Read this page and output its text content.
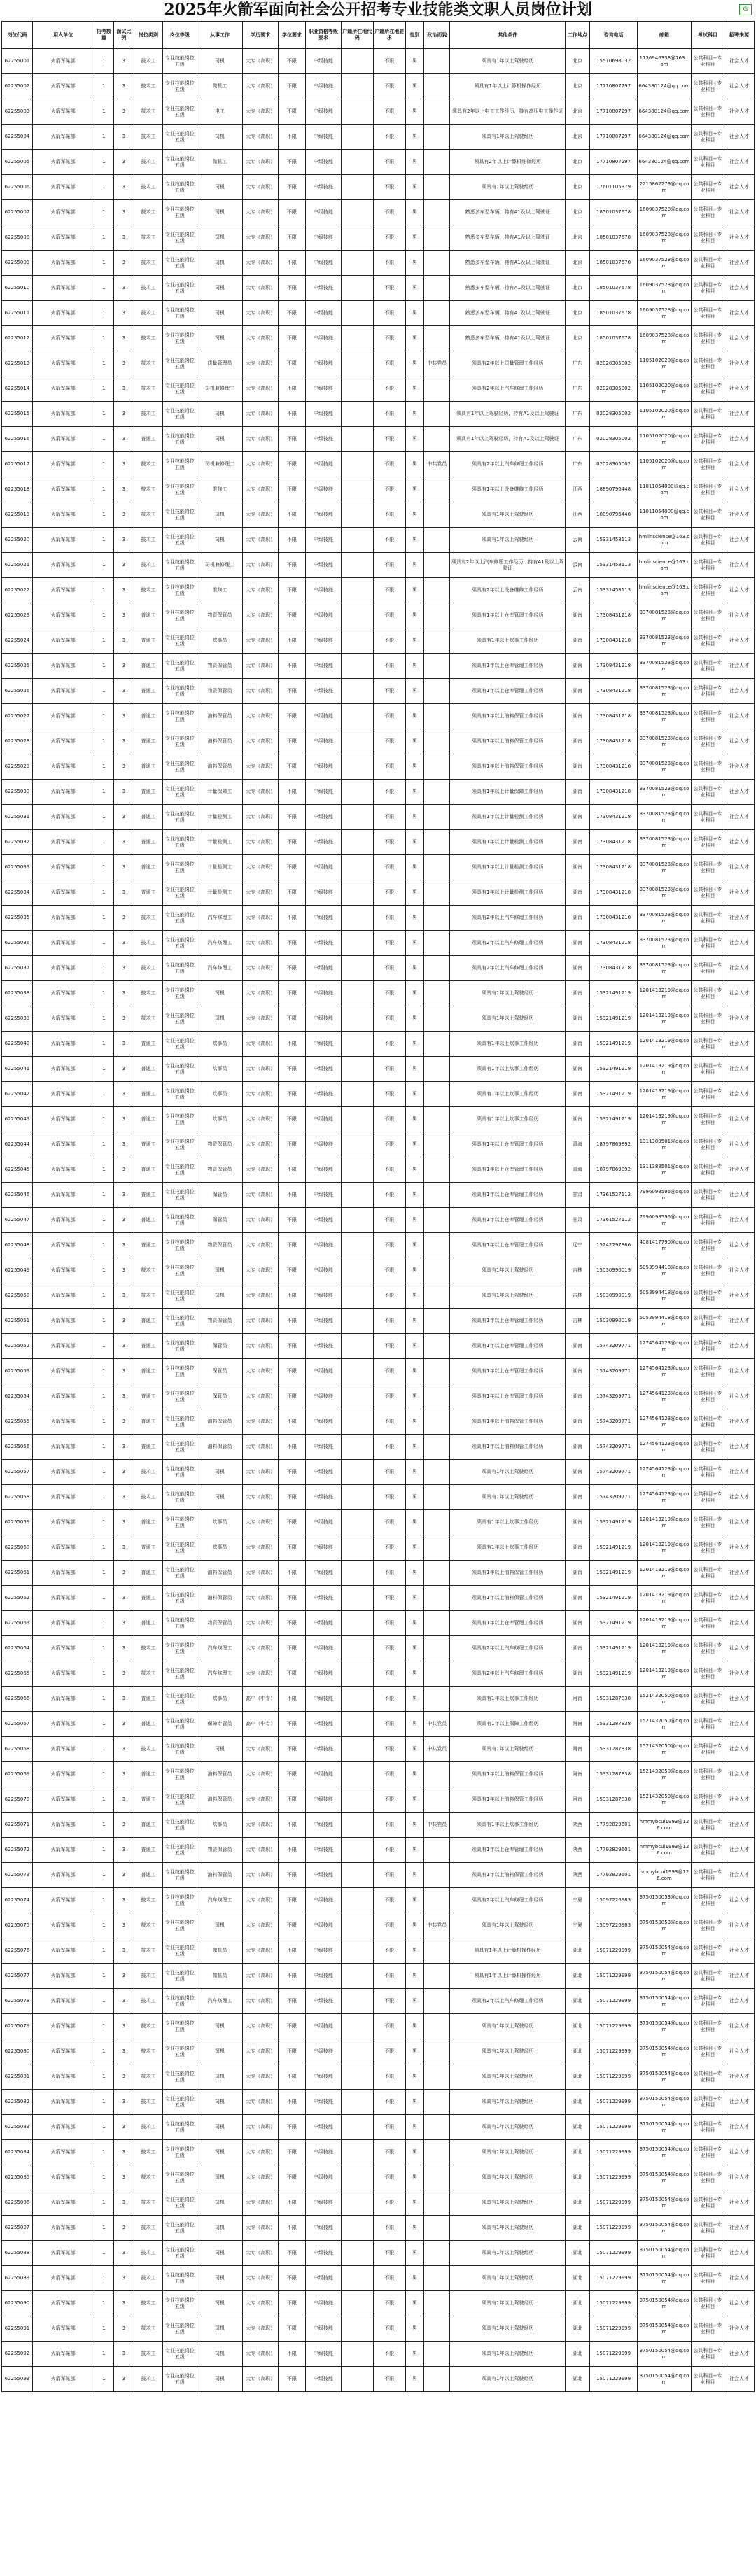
2025年火箭军面向社会公开招考专业技能类文职人员岗位计划	G
岗位代码	用人单位	招考数量	面试比例	岗位类别	岗位等级	从事工作	学历要求	学位要求	职业资格等级要求	户籍所在地代码	户籍所在地要求	性别	政治面貌	其他条件	工作地点	咨询电话	邮箱	考试科目	招聘来源
62255001	火箭军某部	1	3	技术工	专业技能岗位五级	司机	大专（高职）	不限	中级技能		不限	男		须具有1年以上驾驶经历	北京	15510698032	1136946333@163.com	公共科目+专业科目	社会人才
62255002	火箭军某部	1	3	技术工	专业技能岗位五级	微机工	大专（高职）	不限	中级技能		不限	男		须具有1年以上计算机操作经历	北京	17710807297	664380124@qq.com	公共科目+专业科目	社会人才
62255003	火箭军某部	1	3	技术工	专业技能岗位五级	电工	大专（高职）	不限	中级技能		不限	男		须具有2年以上电工工作经历，持有高压电工操作证	北京	17710807297	664380124@qq.com	公共科目+专业科目	社会人才
62255004	火箭军某部	1	3	技术工	专业技能岗位五级	司机	大专（高职）	不限	中级技能		不限	男		须具有1年以上驾驶经历	北京	17710807297	664380124@qq.com	公共科目+专业科目	社会人才
62255005	火箭军某部	1	3	技术工	专业技能岗位五级	微机工	大专（高职）	不限	中级技能		不限	男		须具有2年以上计算机维修经历	北京	17710807297	664380124@qq.com	公共科目+专业科目	社会人才
62255006	火箭军某部	1	3	技术工	专业技能岗位五级	司机	大专（高职）	不限	中级技能		不限	男		须具有1年以上驾驶经历	北京	17601105379	2215862279@qq.com	公共科目+专业科目	社会人才
62255007	火箭军某部	1	3	技术工	专业技能岗位五级	司机	大专（高职）	不限	中级技能		不限	男		熟悉多车型车辆，持有A1及以上驾驶证	北京	18501037678	1609037528@qq.com	公共科目+专业科目	社会人才
62255008	火箭军某部	1	3	技术工	专业技能岗位五级	司机	大专（高职）	不限	中级技能		不限	男		熟悉多车型车辆，持有A1及以上驾驶证	北京	18501037678	1609037528@qq.com	公共科目+专业科目	社会人才
62255009	火箭军某部	1	3	技术工	专业技能岗位五级	司机	大专（高职）	不限	中级技能		不限	男		熟悉多车型车辆，持有A1及以上驾驶证	北京	18501037678	1609037528@qq.com	公共科目+专业科目	社会人才
62255010	火箭军某部	1	3	技术工	专业技能岗位五级	司机	大专（高职）	不限	中级技能		不限	男		熟悉多车型车辆，持有A1及以上驾驶证	北京	18501037678	1609037528@qq.com	公共科目+专业科目	社会人才
62255011	火箭军某部	1	3	技术工	专业技能岗位五级	司机	大专（高职）	不限	中级技能		不限	男		熟悉多车型车辆，持有A1及以上驾驶证	北京	18501037678	1609037528@qq.com	公共科目+专业科目	社会人才
62255012	火箭军某部	1	3	技术工	专业技能岗位五级	司机	大专（高职）	不限	中级技能		不限	男		熟悉多车型车辆，持有A1及以上驾驶证	北京	18501037678	1609037528@qq.com	公共科目+专业科目	社会人才
62255013	火箭军某部	1	3	技术工	专业技能岗位五级	质量管理员	大专（高职）	不限	中级技能		不限	男	中共党员	须具有2年以上质量管理工作经历	广东	02028305002	1105102020@qq.com	公共科目+专业科目	社会人才
62255014	火箭军某部	1	3	技术工	专业技能岗位五级	司机兼修理工	大专（高职）	不限	中级技能		不限	男		须具有2年以上汽车修理工作经历	广东	02028305002	1105102020@qq.com	公共科目+专业科目	社会人才
62255015	火箭军某部	1	3	技术工	专业技能岗位五级	司机	大专（高职）	不限	中级技能		不限	男		须具有1年以上驾驶经历，持有A1及以上驾驶证	广东	02028305002	1105102020@qq.com	公共科目+专业科目	社会人才
62255016	火箭军某部	1	3	普通工	专业技能岗位五级	司机	大专（高职）	不限	中级技能		不限	男		须具有1年以上驾驶经历，持有A1及以上驾驶证	广东	02028305002	1105102020@qq.com	公共科目+专业科目	社会人才
62255017	火箭军某部	1	3	技术工	专业技能岗位五级	司机兼修理工	大专（高职）	不限	中级技能		不限	男	中共党员	须具有2年以上汽车修理工作经历	广东	02028305002	1105102020@qq.com	公共科目+专业科目	社会人才
62255018	火箭军某部	1	3	技术工	专业技能岗位五级	维修工	大专（高职）	不限	中级技能		不限	男		须具有1年以上设备维修工作经历	江西	18890796448	11011054000@qq.com	公共科目+专业科目	社会人才
62255019	火箭军某部	1	3	技术工	专业技能岗位五级	司机	大专（高职）	不限	中级技能		不限	男		须具有1年以上驾驶经历	江西	18890796448	11011054000@qq.com	公共科目+专业科目	社会人才
62255020	火箭军某部	1	3	技术工	专业技能岗位五级	司机	大专（高职）	不限	中级技能		不限	男		须具有1年以上驾驶经历	云南	15331458113	hmlinscience@163.com	公共科目+专业科目	社会人才
62255021	火箭军某部	1	3	技术工	专业技能岗位五级	司机兼修理工	大专（高职）	不限	中级技能		不限	男		须具有2年以上汽车修理工作经历，持有A1及以上驾驶证	云南	15331458113	hmlinscience@163.com	公共科目+专业科目	社会人才
62255022	火箭军某部	1	3	技术工	专业技能岗位五级	维修工	大专（高职）	不限	中级技能		不限	男		须具有2年以上设备维修工作经历	云南	15331458113	hmlinscience@163.com	公共科目+专业科目	社会人才
62255023	火箭军某部	1	3	普通工	专业技能岗位五级	物资保管员	大专（高职）	不限	中级技能		不限	男		须具有1年以上仓库管理工作经历	湖南	17308431218	3370081523@qq.com	公共科目+专业科目	社会人才
62255024	火箭军某部	1	3	普通工	专业技能岗位五级	炊事员	大专（高职）	不限	中级技能		不限	男		须具有1年以上炊事工作经历	湖南	17308431218	3370081523@qq.com	公共科目+专业科目	社会人才
62255025	火箭军某部	1	3	普通工	专业技能岗位五级	物资保管员	大专（高职）	不限	中级技能		不限	男		须具有1年以上仓库管理工作经历	湖南	17308431218	3370081523@qq.com	公共科目+专业科目	社会人才
62255026	火箭军某部	1	3	普通工	专业技能岗位五级	物资保管员	大专（高职）	不限	中级技能		不限	男		须具有1年以上仓库管理工作经历	湖南	17308431218	3370081523@qq.com	公共科目+专业科目	社会人才
62255027	火箭军某部	1	3	普通工	专业技能岗位五级	油料保管员	大专（高职）	不限	中级技能		不限	男		须具有1年以上油料保管工作经历	湖南	17308431218	3370081523@qq.com	公共科目+专业科目	社会人才
62255028	火箭军某部	1	3	普通工	专业技能岗位五级	油料保管员	大专（高职）	不限	中级技能		不限	男		须具有1年以上油料保管工作经历	湖南	17308431218	3370081523@qq.com	公共科目+专业科目	社会人才
62255029	火箭军某部	1	3	普通工	专业技能岗位五级	油料保管员	大专（高职）	不限	中级技能		不限	男		须具有1年以上油料保管工作经历	湖南	17308431218	3370081523@qq.com	公共科目+专业科目	社会人才
62255030	火箭军某部	1	3	普通工	专业技能岗位五级	计量保障工	大专（高职）	不限	中级技能		不限	男		须具有1年以上计量保障工作经历	湖南	17308431218	3370081523@qq.com	公共科目+专业科目	社会人才
62255031	火箭军某部	1	3	普通工	专业技能岗位五级	计量检测工	大专（高职）	不限	中级技能		不限	男		须具有1年以上计量检测工作经历	湖南	17308431218	3370081523@qq.com	公共科目+专业科目	社会人才
62255032	火箭军某部	1	3	普通工	专业技能岗位五级	计量检测工	大专（高职）	不限	中级技能		不限	男		须具有1年以上计量检测工作经历	湖南	17308431218	3370081523@qq.com	公共科目+专业科目	社会人才
62255033	火箭军某部	1	3	普通工	专业技能岗位五级	计量检测工	大专（高职）	不限	中级技能		不限	男		须具有1年以上计量检测工作经历	湖南	17308431218	3370081523@qq.com	公共科目+专业科目	社会人才
62255034	火箭军某部	1	3	普通工	专业技能岗位五级	计量检测工	大专（高职）	不限	中级技能		不限	男		须具有1年以上计量检测工作经历	湖南	17308431218	3370081523@qq.com	公共科目+专业科目	社会人才
62255035	火箭军某部	1	3	技术工	专业技能岗位五级	汽车修理工	大专（高职）	不限	中级技能		不限	男		须具有2年以上汽车修理工作经历	湖南	17308431218	3370081523@qq.com	公共科目+专业科目	社会人才
62255036	火箭军某部	1	3	技术工	专业技能岗位五级	汽车修理工	大专（高职）	不限	中级技能		不限	男		须具有2年以上汽车修理工作经历	湖南	17308431218	3370081523@qq.com	公共科目+专业科目	社会人才
62255037	火箭军某部	1	3	技术工	专业技能岗位五级	汽车修理工	大专（高职）	不限	中级技能		不限	男		须具有2年以上汽车修理工作经历	湖南	17308431218	3370081523@qq.com	公共科目+专业科目	社会人才
62255038	火箭军某部	1	3	技术工	专业技能岗位五级	司机	大专（高职）	不限	中级技能		不限	男		须具有1年以上驾驶经历	湖南	15321491219	1201413219@qq.com	公共科目+专业科目	社会人才
62255039	火箭军某部	1	3	技术工	专业技能岗位五级	司机	大专（高职）	不限	中级技能		不限	男		须具有1年以上驾驶经历	湖南	15321491219	1201413219@qq.com	公共科目+专业科目	社会人才
62255040	火箭军某部	1	3	普通工	专业技能岗位五级	炊事员	大专（高职）	不限	中级技能		不限	男		须具有1年以上炊事工作经历	湖南	15321491219	1201413219@qq.com	公共科目+专业科目	社会人才
62255041	火箭军某部	1	3	普通工	专业技能岗位五级	炊事员	大专（高职）	不限	中级技能		不限	男		须具有1年以上炊事工作经历	湖南	15321491219	1201413219@qq.com	公共科目+专业科目	社会人才
62255042	火箭军某部	1	3	普通工	专业技能岗位五级	炊事员	大专（高职）	不限	中级技能		不限	男		须具有1年以上炊事工作经历	湖南	15321491219	1201413219@qq.com	公共科目+专业科目	社会人才
62255043	火箭军某部	1	3	普通工	专业技能岗位五级	炊事员	大专（高职）	不限	中级技能		不限	男		须具有1年以上炊事工作经历	湖南	15321491219	1201413219@qq.com	公共科目+专业科目	社会人才
62255044	火箭军某部	1	3	普通工	专业技能岗位五级	物资保管员	大专（高职）	不限	中级技能		不限	男		须具有1年以上仓库管理工作经历	青海	18797869892	1311389501@qq.com	公共科目+专业科目	社会人才
62255045	火箭军某部	1	3	普通工	专业技能岗位五级	物资保管员	大专（高职）	不限	中级技能		不限	男		须具有1年以上仓库管理工作经历	青海	18797869892	1311389501@qq.com	公共科目+专业科目	社会人才
62255046	火箭军某部	1	3	普通工	专业技能岗位五级	保管员	大专（高职）	不限	中级技能		不限	男		须具有1年以上仓库管理工作经历	甘肃	17361527112	7996098596@qq.com	公共科目+专业科目	社会人才
62255047	火箭军某部	1	3	普通工	专业技能岗位五级	保管员	大专（高职）	不限	中级技能		不限	男		须具有1年以上仓库管理工作经历	甘肃	17361527112	7996098596@qq.com	公共科目+专业科目	社会人才
62255048	火箭军某部	1	3	普通工	专业技能岗位五级	物资保管员	大专（高职）	不限	中级技能		不限	男		须具有1年以上仓库管理工作经历	辽宁	15242297866	4081417790@qq.com	公共科目+专业科目	社会人才
62255049	火箭军某部	1	3	技术工	专业技能岗位五级	司机	大专（高职）	不限	中级技能		不限	男		须具有1年以上驾驶经历	吉林	15030990019	5053994418@qq.com	公共科目+专业科目	社会人才
62255050	火箭军某部	1	3	技术工	专业技能岗位五级	司机	大专（高职）	不限	中级技能		不限	男		须具有1年以上驾驶经历	吉林	15030990019	5053994418@qq.com	公共科目+专业科目	社会人才
62255051	火箭军某部	1	3	普通工	专业技能岗位五级	物资保管员	大专（高职）	不限	中级技能		不限	男		须具有1年以上仓库管理工作经历	吉林	15030990019	5053994418@qq.com	公共科目+专业科目	社会人才
62255052	火箭军某部	1	3	普通工	专业技能岗位五级	保管员	大专（高职）	不限	中级技能		不限	男		须具有1年以上仓库管理工作经历	湖南	15743209771	1274564123@qq.com	公共科目+专业科目	社会人才
62255053	火箭军某部	1	3	普通工	专业技能岗位五级	保管员	大专（高职）	不限	中级技能		不限	男		须具有1年以上仓库管理工作经历	湖南	15743209771	1274564123@qq.com	公共科目+专业科目	社会人才
62255054	火箭军某部	1	3	普通工	专业技能岗位五级	保管员	大专（高职）	不限	中级技能		不限	男		须具有1年以上仓库管理工作经历	湖南	15743209771	1274564123@qq.com	公共科目+专业科目	社会人才
62255055	火箭军某部	1	3	普通工	专业技能岗位五级	油料保管员	大专（高职）	不限	中级技能		不限	男		须具有1年以上油料保管工作经历	湖南	15743209771	1274564123@qq.com	公共科目+专业科目	社会人才
62255056	火箭军某部	1	3	普通工	专业技能岗位五级	油料保管员	大专（高职）	不限	中级技能		不限	男		须具有1年以上油料保管工作经历	湖南	15743209771	1274564123@qq.com	公共科目+专业科目	社会人才
62255057	火箭军某部	1	3	技术工	专业技能岗位五级	司机	大专（高职）	不限	中级技能		不限	男		须具有1年以上驾驶经历	湖南	15743209771	1274564123@qq.com	公共科目+专业科目	社会人才
62255058	火箭军某部	1	3	技术工	专业技能岗位五级	司机	大专（高职）	不限	中级技能		不限	男		须具有1年以上驾驶经历	湖南	15743209771	1274564123@qq.com	公共科目+专业科目	社会人才
62255059	火箭军某部	1	3	普通工	专业技能岗位五级	炊事员	大专（高职）	不限	中级技能		不限	男		须具有1年以上炊事工作经历	湖南	15321491219	1201413219@qq.com	公共科目+专业科目	社会人才
62255060	火箭军某部	1	3	普通工	专业技能岗位五级	炊事员	大专（高职）	不限	中级技能		不限	男		须具有1年以上炊事工作经历	湖南	15321491219	1201413219@qq.com	公共科目+专业科目	社会人才
62255061	火箭军某部	1	3	普通工	专业技能岗位五级	油料保管员	大专（高职）	不限	中级技能		不限	男		须具有1年以上油料保管工作经历	湖南	15321491219	1201413219@qq.com	公共科目+专业科目	社会人才
62255062	火箭军某部	1	3	普通工	专业技能岗位五级	油料保管员	大专（高职）	不限	中级技能		不限	男		须具有1年以上油料保管工作经历	湖南	15321491219	1201413219@qq.com	公共科目+专业科目	社会人才
62255063	火箭军某部	1	3	普通工	专业技能岗位五级	物资保管员	大专（高职）	不限	中级技能		不限	男		须具有1年以上仓库管理工作经历	湖南	15321491219	1201413219@qq.com	公共科目+专业科目	社会人才
62255064	火箭军某部	1	3	技术工	专业技能岗位五级	汽车修理工	大专（高职）	不限	中级技能		不限	男		须具有2年以上汽车修理工作经历	湖南	15321491219	1201413219@qq.com	公共科目+专业科目	社会人才
62255065	火箭军某部	1	3	技术工	专业技能岗位五级	汽车修理工	大专（高职）	不限	中级技能		不限	男		须具有2年以上汽车修理工作经历	湖南	15321491219	1201413219@qq.com	公共科目+专业科目	社会人才
62255066	火箭军某部	1	3	普通工	专业技能岗位五级	炊事员	高中（中专）	不限	中级技能		不限	男		须具有1年以上炊事工作经历	河南	15331287838	1521432050@qq.com	公共科目+专业科目	社会人才
62255067	火箭军某部	1	3	普通工	专业技能岗位五级	保障专管员	高中（中专）	不限	中级技能		不限	男	中共党员	须具有1年以上保障工作经历	河南	15331287838	1521432050@qq.com	公共科目+专业科目	社会人才
62255068	火箭军某部	1	3	技术工	专业技能岗位五级	司机	大专（高职）	不限	中级技能		不限	男	中共党员	须具有1年以上驾驶经历	河南	15331287838	1521432050@qq.com	公共科目+专业科目	社会人才
62255069	火箭军某部	1	3	普通工	专业技能岗位五级	油料保管员	大专（高职）	不限	中级技能		不限	男		须具有1年以上油料保管工作经历	河南	15331287838	1521432050@qq.com	公共科目+专业科目	社会人才
62255070	火箭军某部	1	3	普通工	专业技能岗位五级	油料保管员	大专（高职）	不限	中级技能		不限	男		须具有1年以上油料保管工作经历	河南	15331287838	1521432050@qq.com	公共科目+专业科目	社会人才
62255071	火箭军某部	1	3	普通工	专业技能岗位五级	炊事员	大专（高职）	不限	中级技能		不限	男	中共党员	须具有1年以上炊事工作经历	陕西	17792829601	hmmybcui1993@126.com	公共科目+专业科目	社会人才
62255072	火箭军某部	1	3	普通工	专业技能岗位五级	物资保管员	大专（高职）	不限	中级技能		不限	男		须具有1年以上仓库管理工作经历	陕西	17792829601	hmmybcui1993@126.com	公共科目+专业科目	社会人才
62255073	火箭军某部	1	3	普通工	专业技能岗位五级	油料保管员	大专（高职）	不限	中级技能		不限	男		须具有1年以上油料保管工作经历	陕西	17792829601	hmmybcui1993@126.com	公共科目+专业科目	社会人才
62255074	火箭军某部	1	3	技术工	专业技能岗位五级	汽车修理工	大专（高职）	不限	中级技能		不限	男		须具有2年以上汽车修理工作经历	宁夏	15097226983	3750150053@qq.com	公共科目+专业科目	社会人才
62255075	火箭军某部	1	3	技术工	专业技能岗位五级	司机	大专（高职）	不限	中级技能		不限	男	中共党员	须具有1年以上驾驶经历	宁夏	15097226983	3750150053@qq.com	公共科目+专业科目	社会人才
62255076	火箭军某部	1	3	技术工	专业技能岗位五级	微机员	大专（高职）	不限	中级技能		不限	男		须具有1年以上计算机操作经历	湖北	15071229999	3750150054@qq.com	公共科目+专业科目	社会人才
62255077	火箭军某部	1	3	技术工	专业技能岗位五级	微机员	大专（高职）	不限	中级技能		不限	男		须具有1年以上计算机操作经历	湖北	15071229999	3750150054@qq.com	公共科目+专业科目	社会人才
62255078	火箭军某部	1	3	技术工	专业技能岗位五级	汽车修理工	大专（高职）	不限	中级技能		不限	男		须具有2年以上汽车修理工作经历	湖北	15071229999	3750150054@qq.com	公共科目+专业科目	社会人才
62255079	火箭军某部	1	3	技术工	专业技能岗位五级	司机	大专（高职）	不限	中级技能		不限	男		须具有1年以上驾驶经历	湖北	15071229999	3750150054@qq.com	公共科目+专业科目	社会人才
62255080	火箭军某部	1	3	技术工	专业技能岗位五级	司机	大专（高职）	不限	中级技能		不限	男		须具有1年以上驾驶经历	湖北	15071229999	3750150054@qq.com	公共科目+专业科目	社会人才
62255081	火箭军某部	1	3	技术工	专业技能岗位五级	司机	大专（高职）	不限	中级技能		不限	男		须具有1年以上驾驶经历	湖北	15071229999	3750150054@qq.com	公共科目+专业科目	社会人才
62255082	火箭军某部	1	3	技术工	专业技能岗位五级	司机	大专（高职）	不限	中级技能		不限	男		须具有1年以上驾驶经历	湖北	15071229999	3750150054@qq.com	公共科目+专业科目	社会人才
62255083	火箭军某部	1	3	技术工	专业技能岗位五级	司机	大专（高职）	不限	中级技能		不限	男		须具有1年以上驾驶经历	湖北	15071229999	3750150054@qq.com	公共科目+专业科目	社会人才
62255084	火箭军某部	1	3	技术工	专业技能岗位五级	司机	大专（高职）	不限	中级技能		不限	男		须具有1年以上驾驶经历	湖北	15071229999	3750150054@qq.com	公共科目+专业科目	社会人才
62255085	火箭军某部	1	3	技术工	专业技能岗位五级	司机	大专（高职）	不限	中级技能		不限	男		须具有1年以上驾驶经历	湖北	15071229999	3750150054@qq.com	公共科目+专业科目	社会人才
62255086	火箭军某部	1	3	技术工	专业技能岗位五级	司机	大专（高职）	不限	中级技能		不限	男		须具有1年以上驾驶经历	湖北	15071229999	3750150054@qq.com	公共科目+专业科目	社会人才
62255087	火箭军某部	1	3	技术工	专业技能岗位五级	司机	大专（高职）	不限	中级技能		不限	男		须具有1年以上驾驶经历	湖北	15071229999	3750150054@qq.com	公共科目+专业科目	社会人才
62255088	火箭军某部	1	3	技术工	专业技能岗位五级	司机	大专（高职）	不限	中级技能		不限	男		须具有1年以上驾驶经历	湖北	15071229999	3750150054@qq.com	公共科目+专业科目	社会人才
62255089	火箭军某部	1	3	技术工	专业技能岗位五级	司机	大专（高职）	不限	中级技能		不限	男		须具有1年以上驾驶经历	湖北	15071229999	3750150054@qq.com	公共科目+专业科目	社会人才
62255090	火箭军某部	1	3	技术工	专业技能岗位五级	司机	大专（高职）	不限	中级技能		不限	男		须具有1年以上驾驶经历	湖北	15071229999	3750150054@qq.com	公共科目+专业科目	社会人才
62255091	火箭军某部	1	3	技术工	专业技能岗位五级	司机	大专（高职）	不限	中级技能		不限	男		须具有1年以上驾驶经历	湖北	15071229999	3750150054@qq.com	公共科目+专业科目	社会人才
62255092	火箭军某部	1	3	技术工	专业技能岗位五级	司机	大专（高职）	不限	中级技能		不限	男		须具有1年以上驾驶经历	湖北	15071229999	3750150054@qq.com	公共科目+专业科目	社会人才
62255093	火箭军某部	1	3	技术工	专业技能岗位五级	司机	大专（高职）	不限	中级技能		不限	男		须具有1年以上驾驶经历	湖北	15071229999	3750150054@qq.com	公共科目+专业科目	社会人才
